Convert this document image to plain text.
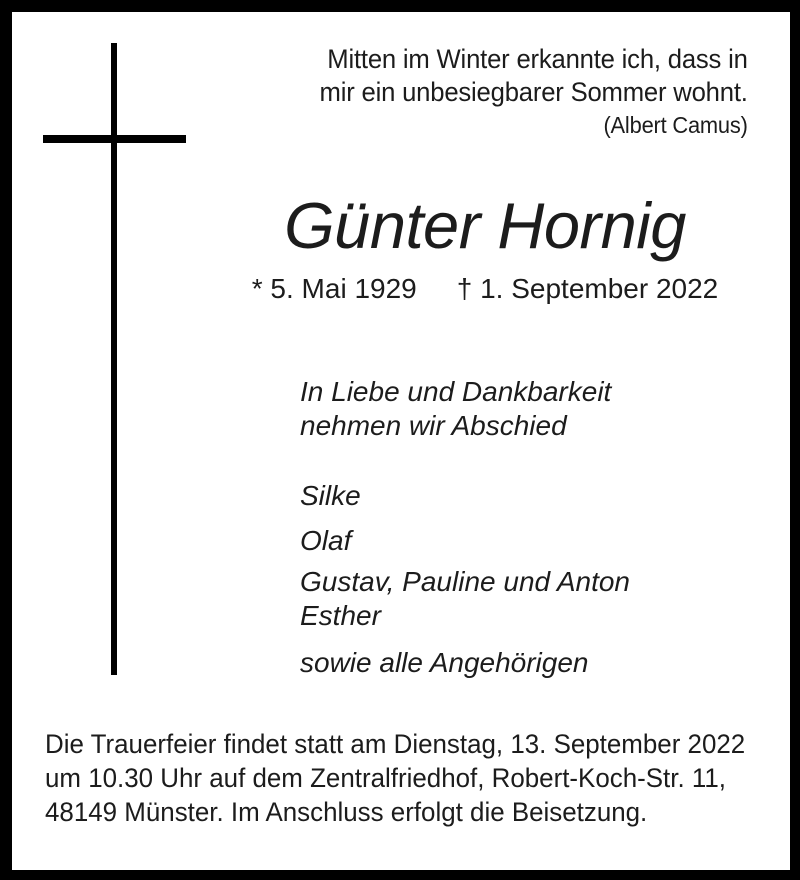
Mitten im Winter erkannte ich, dass in
mir ein unbesiegbarer Sommer wohnt.
(Albert Camus)
Günter Hornig
* 5. Mai 1929 † 1. September 2022
In Liebe und Dankbarkeit
nehmen wir Abschied
Silke
Olaf
Gustav, Pauline und Anton
Esther
sowie alle Angehörigen
Die Trauerfeier findet statt am Dienstag, 13. September 2022
um 10.30 Uhr auf dem Zentralfriedhof, Robert-Koch-Str. 11,
48149 Münster. Im Anschluss erfolgt die Beisetzung.
